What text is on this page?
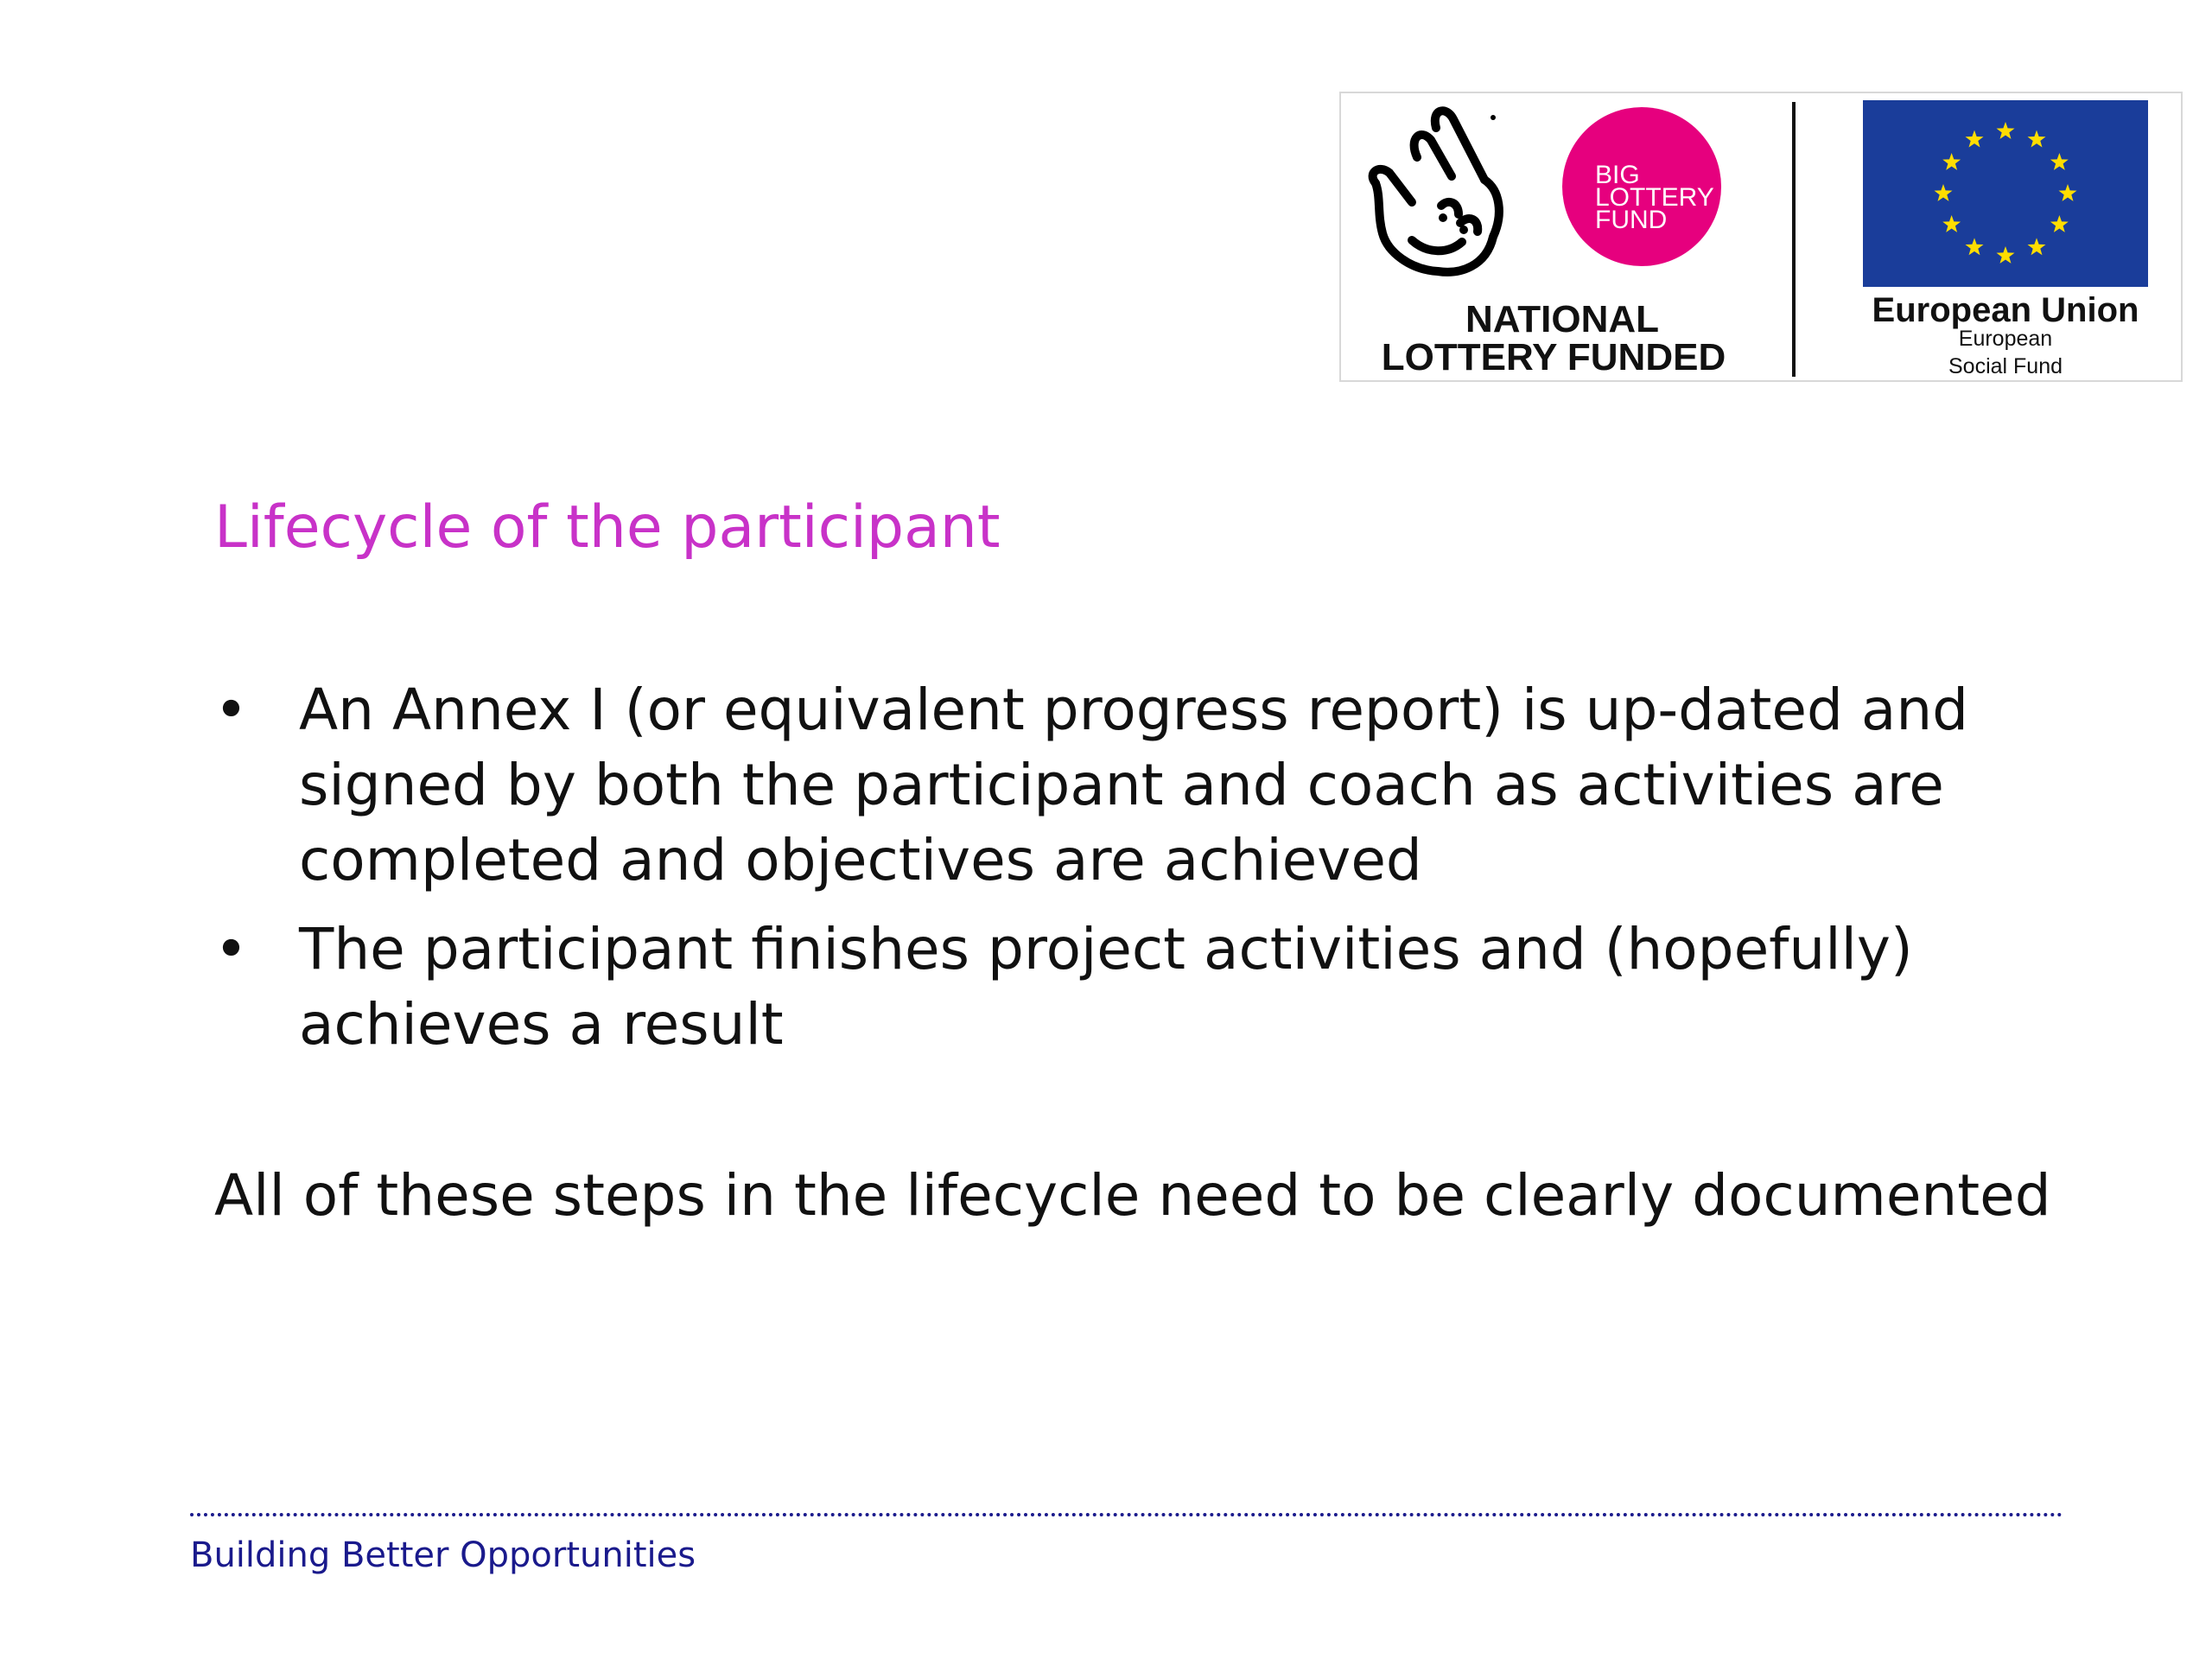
BIG
LOTTERY
FUND
NATIONAL
LOTTERY FUNDED
European Union
European
Social Fund
Lifecycle of the participant
• An Annex I (or equivalent progress report) is up-dated and
signed by both the participant and coach as activities are
completed and objectives are achieved
• The participant finishes project activities and (hopefully)
achieves a result

All of these steps in the lifecycle need to be clearly documented

Building Better Opportunities
